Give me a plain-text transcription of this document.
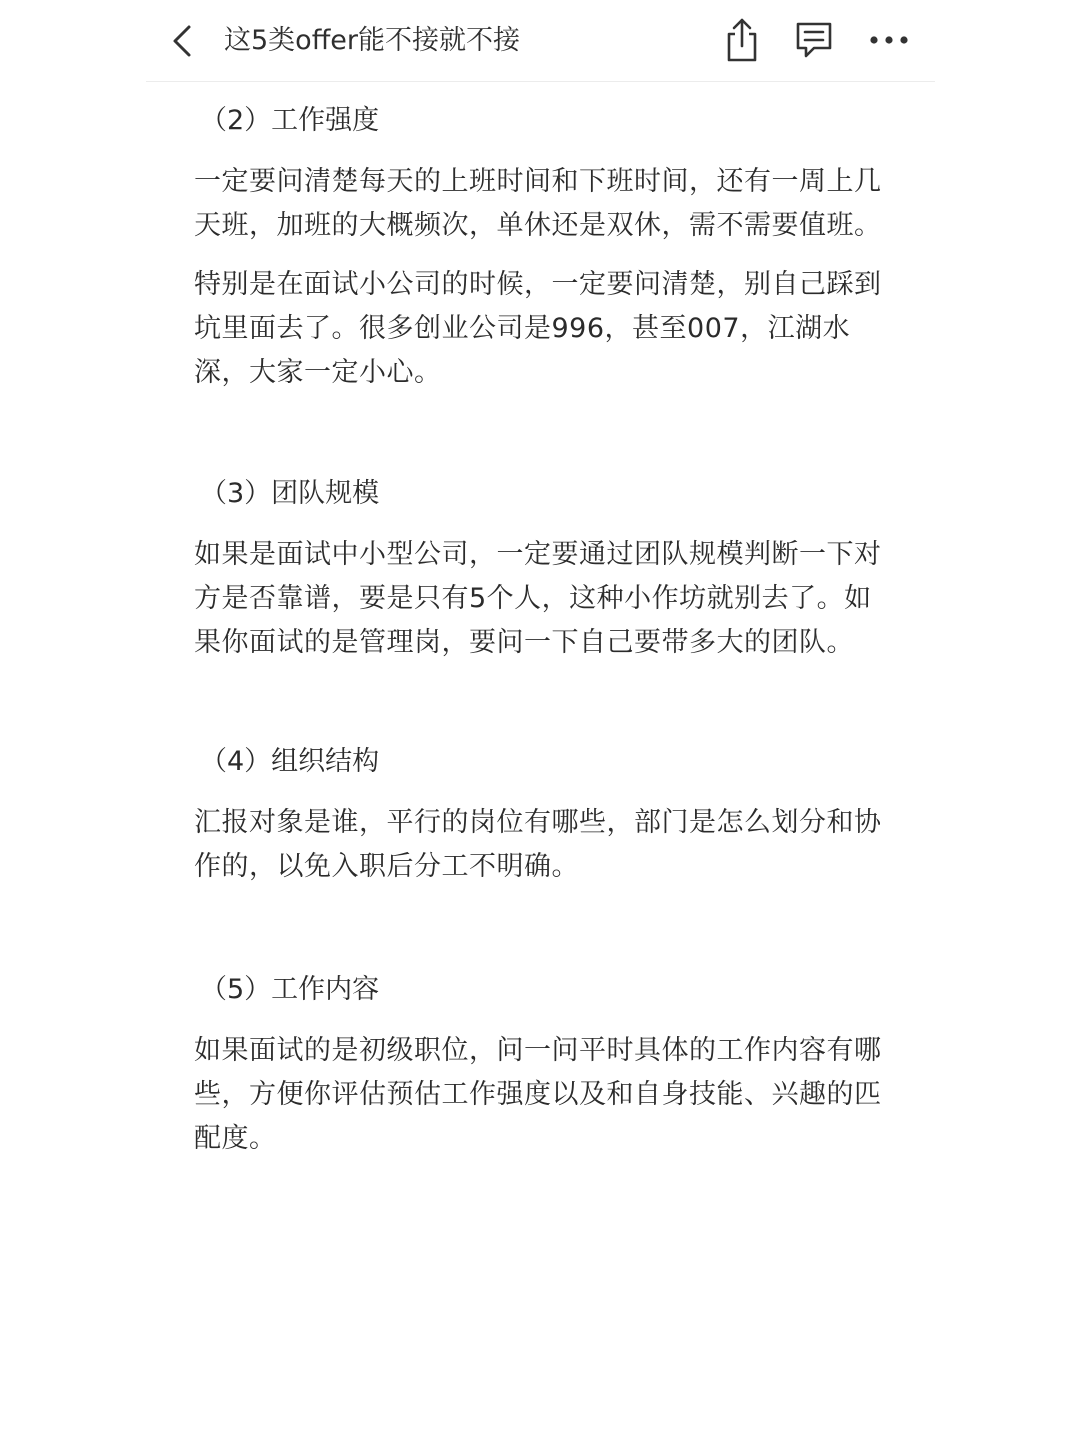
这5类offer能不接就不接
（2）工作强度

一定要问清楚每天的上班时间和下班时间，还有一周上几天班，加班的大概频次，单休还是双休，需不需要值班。

特别是在面试小公司的时候，一定要问清楚，别自己踩到坑里面去了。很多创业公司是996，甚至007，江湖水深，大家一定小心。

（3）团队规模

如果是面试中小型公司，一定要通过团队规模判断一下对方是否靠谱，要是只有5个人，这种小作坊就别去了。如果你面试的是管理岗，要问一下自己要带多大的团队。

（4）组织结构

汇报对象是谁，平行的岗位有哪些，部门是怎么划分和协作的，以免入职后分工不明确。

（5）工作内容

如果面试的是初级职位，问一问平时具体的工作内容有哪些，方便你评估预估工作强度以及和自身技能、兴趣的匹配度。
